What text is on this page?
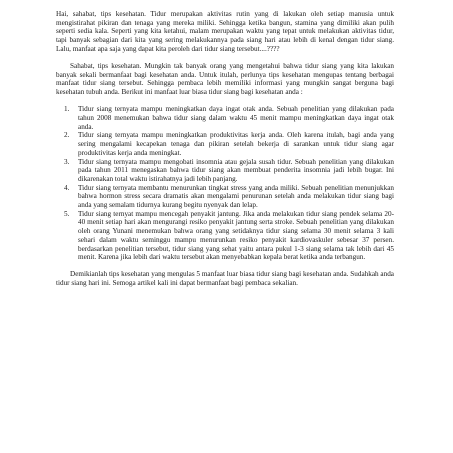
Hai, sahabat, tips kesehatan. Tidur merupakan aktivitas rutin yang di lakukan oleh setiap manusia untuk mengistirahat pikiran dan tenaga yang mereka miliki. Sehingga ketika bangun, stamina yang dimiliki akan pulih seperti sedia kala. Seperti yang kita ketahui, malam merupakan waktu yang tepat untuk melakukan aktivitas tidur, tapi banyak sebagian dari kita yang sering melakukannya pada siang hari atau lebih di kenal dengan tidur siang. Lalu, manfaat apa saja yang dapat kita peroleh dari tidur siang tersebut....????

Sahabat, tips kesehatan. Mungkin tak banyak orang yang mengetahui bahwa tidur siang yang kita lakukan banyak sekali bermanfaat bagi kesehatan anda. Untuk itulah, perlunya tips kesehatan mengupas tentang berbagai manfaat tidur siang tersebut. Sehingga pembaca lebih memiliki informasi yang mungkin sangat berguna bagi kesehatan tubuh anda. Berikut ini manfaat luar biasa tidur siang bagi kesehatan anda :

1. Tidur siang ternyata mampu meningkatkan daya ingat otak anda. Sebuah penelitian yang dilakukan pada tahun 2008 menemukan bahwa tidur siang dalam waktu 45 menit mampu meningkatkan daya ingat otak anda.
2. Tidur siang ternyata mampu meningkatkan produktivitas kerja anda. Oleh karena itulah, bagi anda yang sering mengalami kecapekan tenaga dan pikiran setelah bekerja di sarankan untuk tidur siang agar produktivitas kerja anda meningkat.
3. Tidur siang ternyata mampu mengobati insomnia atau gejala susah tidur. Sebuah penelitian yang dilakukan pada tahun 2011 menegaskan bahwa tidur siang akan membuat penderita insomnia jadi lebih bugar. Ini dikarenakan total waktu istirahatnya jadi lebih panjang.
4. Tidur siang ternyata membantu menurunkan tingkat stress yang anda miliki. Sebuah penelitian menunjukkan bahwa hormon stress secara dramatis akan mengalami penurunan setelah anda melakukan tidur siang bagi anda yang semalam tidurnya kurang begitu nyenyak dan lelap.
5. Tidur siang ternyat mampu mencegah penyakit jantung. Jika anda melakukan tidur siang pendek selama 20-40 menit setiap hari akan mengurangi resiko penyakit jantung serta stroke. Sebuah penelitian yang dilakukan oleh orang Yunani menemukan bahwa orang yang setidaknya tidur siang selama 30 menit selama 3 kali sehari dalam waktu seminggu mampu menurunkan resiko penyakit kardiovaskuler sebesar 37 persen. berdasarkan penelitian tersebut, tidur siang yang sehat yaitu antara pukul 1-3 siang selama tak lebih dari 45 menit. Karena jika lebih dari waktu tersebut akan menyebabkan kepala berat ketika anda terbangun.

Demikianlah tips kesehatan yang mengulas 5 manfaat luar biasa tidur siang bagi kesehatan anda. Sudahkah anda tidur siang hari ini. Semoga artikel kali ini dapat bermanfaat bagi pembaca sekalian.
